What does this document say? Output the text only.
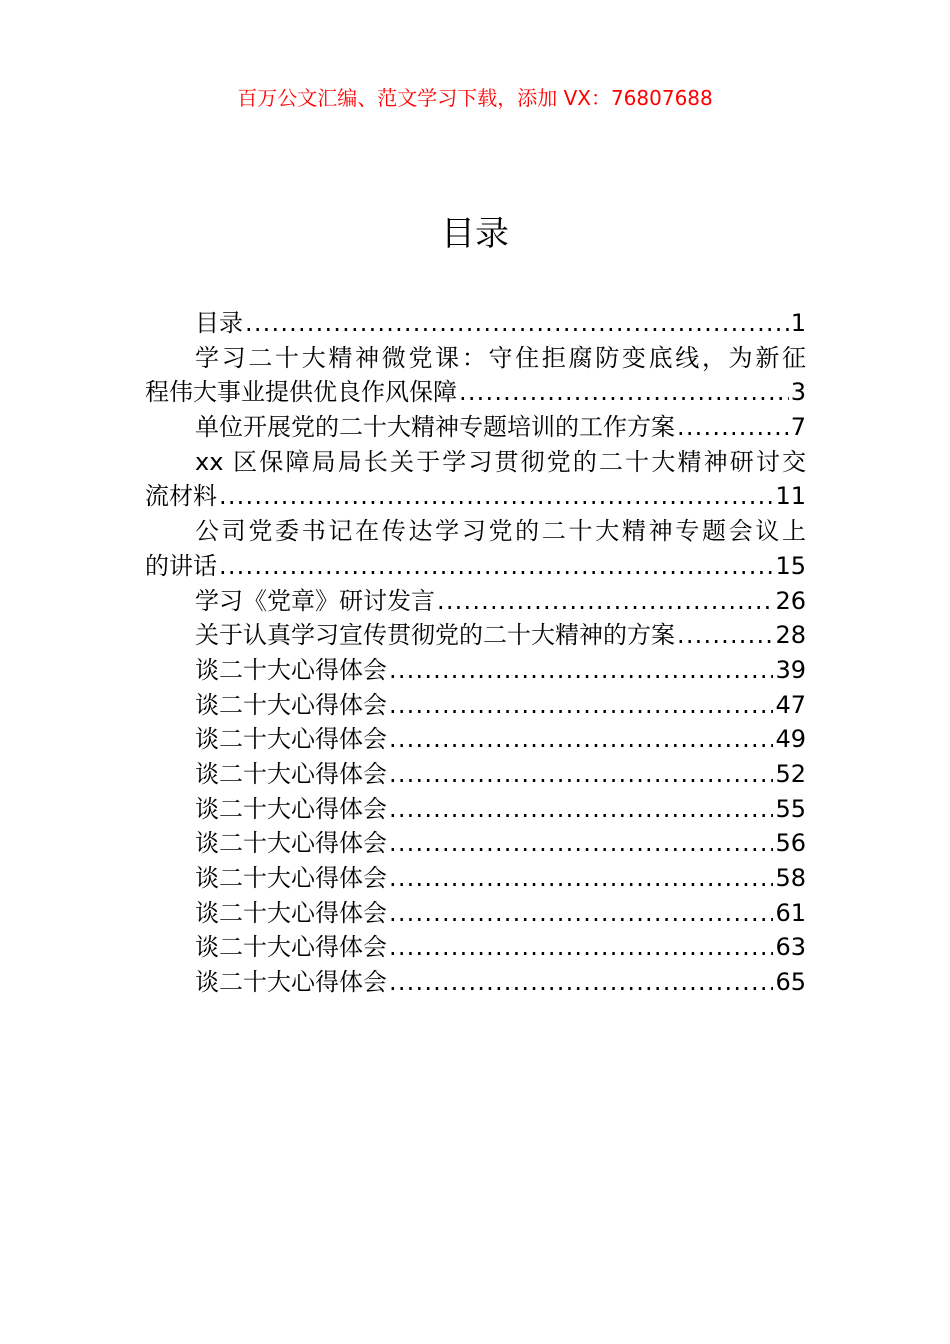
百万公文汇编、范文学习下载，添加 VX：76807688
目录
目录 .....	1
学习二十大精神微党课：守住拒腐防变底线，为新征
程伟大事业提供优良作风保障 .....	3
单位开展党的二十大精神专题培训的工作方案 .....	7
xx 区保障局局长关于学习贯彻党的二十大精神研讨交
流材料 .....	11
公司党委书记在传达学习党的二十大精神专题会议上
的讲话 .....	15
学习《党章》研讨发言 .....	26
关于认真学习宣传贯彻党的二十大精神的方案 .....	28
谈二十大心得体会 .....	39
谈二十大心得体会 .....	47
谈二十大心得体会 .....	49
谈二十大心得体会 .....	52
谈二十大心得体会 .....	55
谈二十大心得体会 .....	56
谈二十大心得体会 .....	58
谈二十大心得体会 .....	61
谈二十大心得体会 .....	63
谈二十大心得体会 .....	65
